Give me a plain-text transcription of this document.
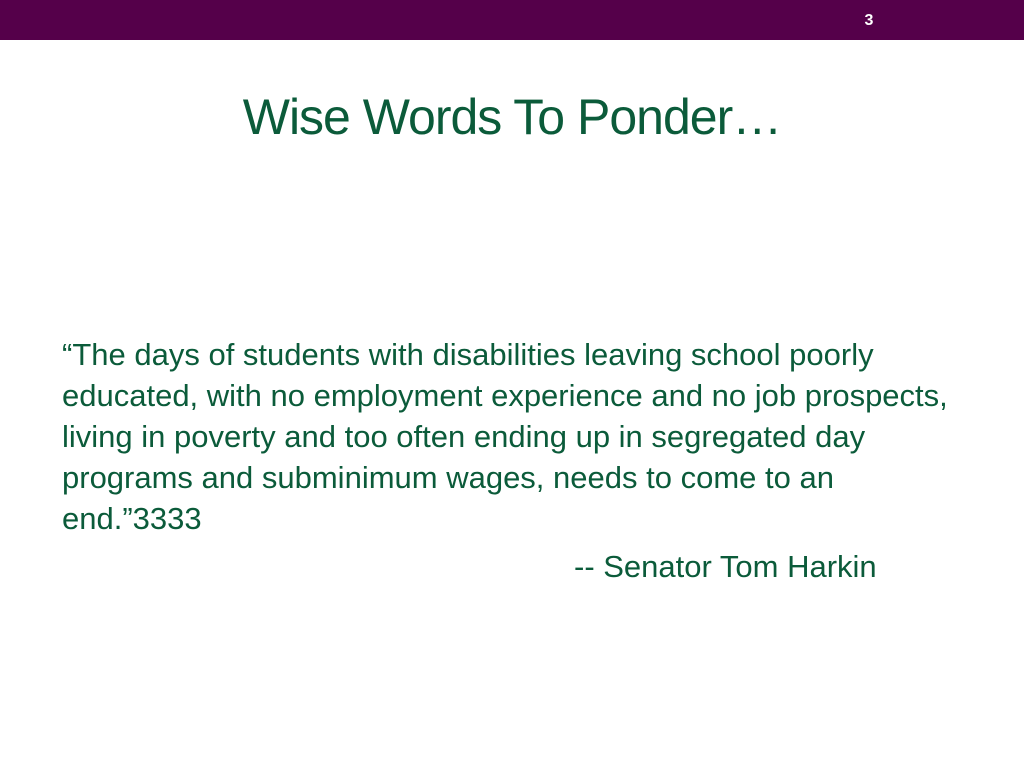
3
Wise Words To Ponder…

“The days of students with disabilities leaving school poorly educated, with no employment experience and no job prospects, living in poverty and too often ending up in segregated day programs and subminimum wages, needs to come to an end.”3333

-- Senator Tom Harkin
